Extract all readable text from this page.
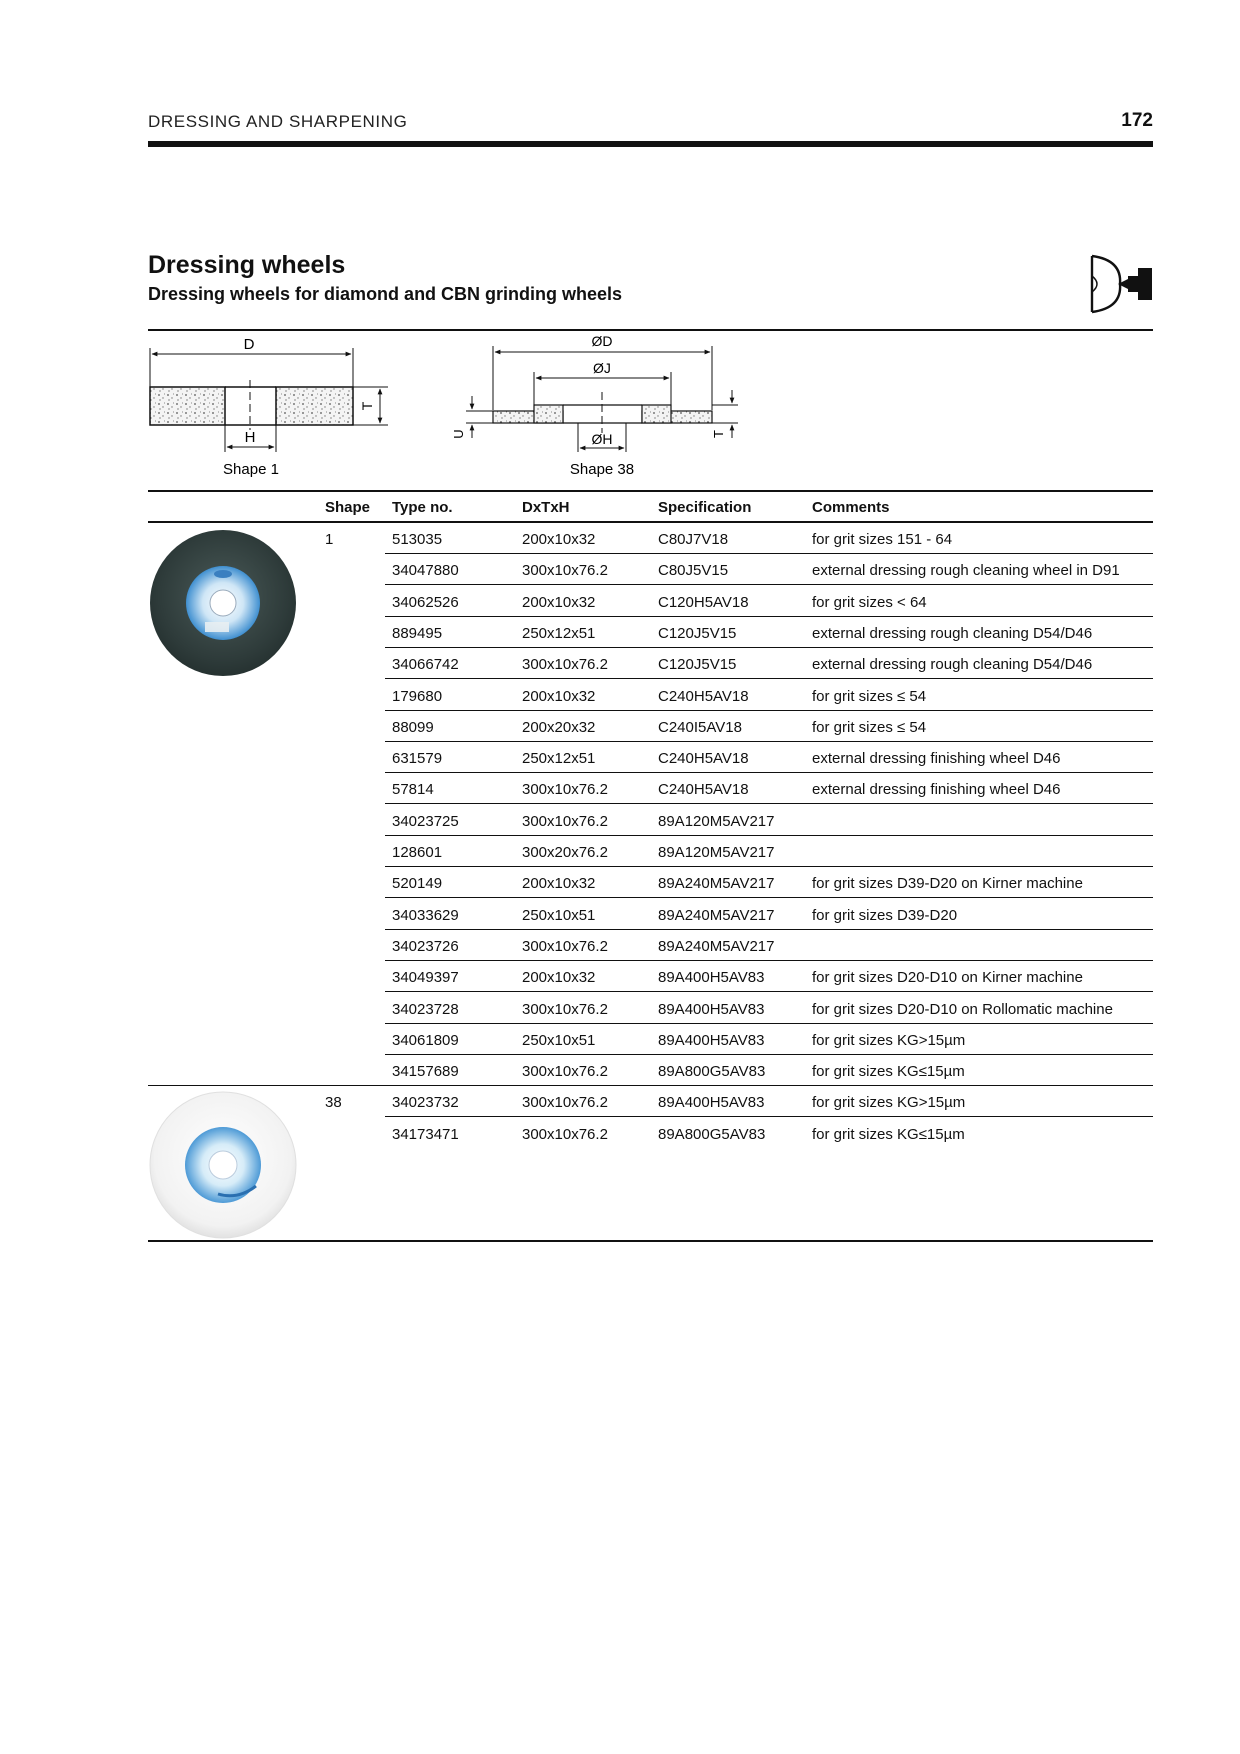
DRESSING AND SHARPENING	172
Dressing wheels
Dressing wheels for diamond and CBN grinding wheels
D
H
T
ØD
ØJ
ØH
U	T
Shape 1	Shape 38
Shape Type no.	DxTxH	Specification	Comments
1	513035	200x10x32	C80J7V18	for grit sizes 151 - 64
34047880	300x10x76.2	C80J5V15	external dressing rough cleaning wheel in D91
34062526	200x10x32	C120H5AV18	for grit sizes < 64
889495	250x12x51	C120J5V15	external dressing rough cleaning D54/D46
34066742	300x10x76.2	C120J5V15	external dressing rough cleaning D54/D46
179680	200x10x32	C240H5AV18	for grit sizes ≤ 54
88099	200x20x32	C240I5AV18	for grit sizes ≤ 54
631579	250x12x51	C240H5AV18	external dressing finishing wheel D46
57814	300x10x76.2	C240H5AV18	external dressing finishing wheel D46
34023725	300x10x76.2	89A120M5AV217
128601	300x20x76.2	89A120M5AV217
520149	200x10x32	89A240M5AV217	for grit sizes D39-D20 on Kirner machine
34033629	250x10x51	89A240M5AV217	for grit sizes D39-D20
34023726	300x10x76.2	89A240M5AV217
34049397	200x10x32	89A400H5AV83	for grit sizes D20-D10 on Kirner machine
34023728	300x10x76.2	89A400H5AV83	for grit sizes D20-D10 on Rollomatic machine
34061809	250x10x51	89A400H5AV83	for grit sizes KG>15µm
34157689	300x10x76.2	89A800G5AV83	for grit sizes KG≤15µm
38	34023732	300x10x76.2	89A400H5AV83	for grit sizes KG>15µm
34173471	300x10x76.2	89A800G5AV83	for grit sizes KG≤15µm
